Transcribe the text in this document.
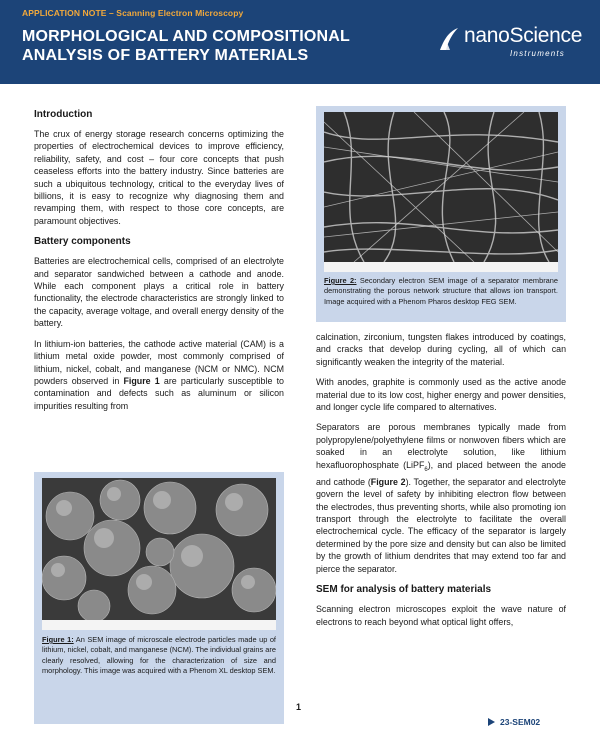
APPLICATION NOTE – Scanning Electron Microscopy
MORPHOLOGICAL AND COMPOSITIONAL ANALYSIS OF BATTERY MATERIALS
nanoScience
Instruments
Introduction

The crux of energy storage research concerns optimizing the properties of electrochemical devices to improve efficiency, reliability, safety, and cost – four core concepts that push ceaseless efforts into the battery industry. Since batteries are such a ubiquitous technology, critical to the everyday lives of billions, it is easy to recognize why diagnosing them and revamping them, with respect to those core concepts, are paramount objectives.

Battery components

Batteries are electrochemical cells, comprised of an electrolyte and separator sandwiched between a cathode and anode. While each component plays a critical role in battery functionality, the electrode characteristics are strongly linked to the capacity, average voltage, and overall energy density of the battery.

In lithium-ion batteries, the cathode active material (CAM) is a lithium metal oxide powder, most commonly comprised of lithium, nickel, cobalt, and manganese (NCM or NMC). NCM powders observed in Figure 1 are particularly susceptible to contamination and defects such as aluminum or silicon impurities resulting from

Figure 1: An SEM image of microscale electrode particles made up of lithium, nickel, cobalt, and manganese (NCM). The individual grains are clearly resolved, allowing for the characterization of size and morphology. This image was acquired with a Phenom XL desktop SEM.
Figure 2: Secondary electron SEM image of a separator membrane demonstrating the porous network structure that allows ion transport. Image acquired with a Phenom Pharos desktop FEG SEM.

calcination, zirconium, tungsten flakes introduced by coatings, and cracks that develop during cycling, all of which can significantly weaken the integrity of the material.

With anodes, graphite is commonly used as the active anode material due to its low cost, higher energy and power densities, and longer cycle life compared to alternatives.

Separators are porous membranes typically made from polypropylene/polyethylene films or nonwoven fibers which are soaked in an electrolyte solution, like lithium hexafluorophosphate (LiPF$_6$), and placed between the anode and cathode (Figure 2). Together, the separator and electrolyte govern the level of safety by inhibiting electron flow between the electrodes, thus preventing shorts, while also promoting ion transport through the electrolyte to facilitate the overall electrochemical cycle. The efficacy of the separator is largely determined by the pore size and density but can also be limited by the growth of lithium dendrites that may extend too far and pierce the separator.

SEM for analysis of battery materials

Scanning electron microscopes exploit the wave nature of electrons to reach beyond what optical light offers,

1
23-SEM02
